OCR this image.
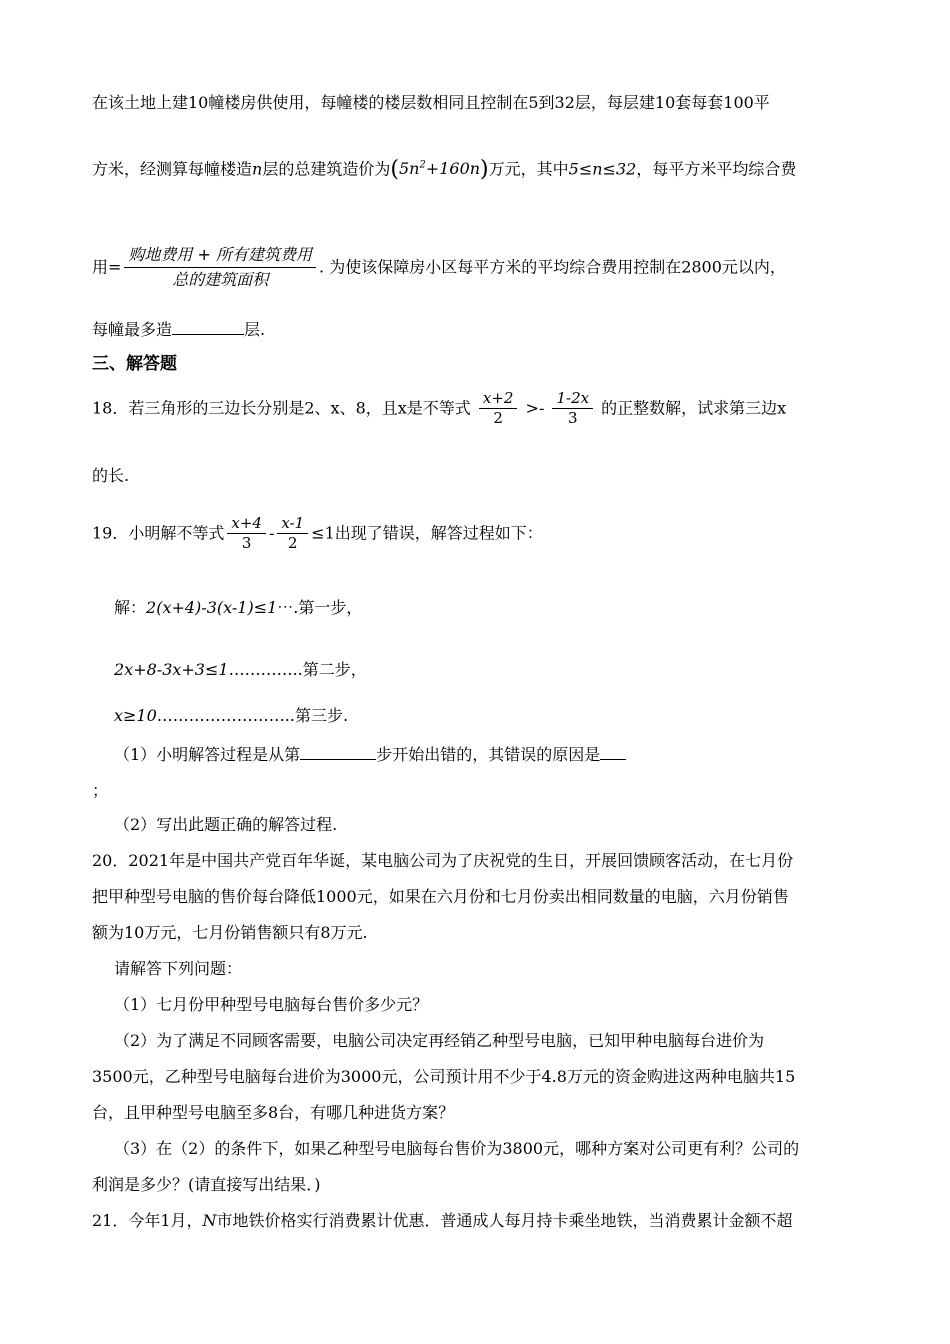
在该土地上建10幢楼房供使用，每幢楼的楼层数相同且控制在5到32层，每层建10套每套100平
方米，经测算每幢楼造n层的总建筑造价为$(5n^2+160n)$万元，其中5≤n≤32，每平方米平均综合费
用= $\frac{\text{购地费用 + 所有建筑费用}}{\text{总的建筑面积}}$ . 为使该保障房小区每平方米的平均综合费用控制在2800元以内，
每幢最多造	层.
三、解答题
18．若三角形的三边长分别是2、x、8，且x是不等式 $\frac{x+2}{2} >- \frac{1-2x}{3}$ 的正整数解，试求第三边x
的长.
19．小明解不等式 $\frac{x+4}{3} - \frac{x-1}{2} \le 1$出现了错误，解答过程如下：
解：2(x+4)-3(x-1)≤1⋯.第一步，
2x+8-3x+3≤1…………..第二步，
x≥10……………………..第三步.
（1）小明解答过程是从第	步开始出错的，其错误的原因是
；
（2）写出此题正确的解答过程.
20．2021年是中国共产党百年华诞，某电脑公司为了庆祝党的生日，开展回馈顾客活动，在七月份
把甲种型号电脑的售价每台降低1000元，如果在六月份和七月份卖出相同数量的电脑，六月份销售
额为10万元，七月份销售额只有8万元.
请解答下列问题：
（1）七月份甲种型号电脑每台售价多少元？
（2）为了满足不同顾客需要，电脑公司决定再经销乙种型号电脑，已知甲种电脑每台进价为
3500元，乙种型号电脑每台进价为3000元，公司预计用不少于4.8万元的资金购进这两种电脑共15
台，且甲种型号电脑至多8台，有哪几种进货方案？
（3）在（2）的条件下，如果乙种型号电脑每台售价为3800元，哪种方案对公司更有利？公司的
利润是多少？(请直接写出结果．)
21．今年1月，N市地铁价格实行消费累计优惠．普通成人每月持卡乘坐地铁，当消费累计金额不超
